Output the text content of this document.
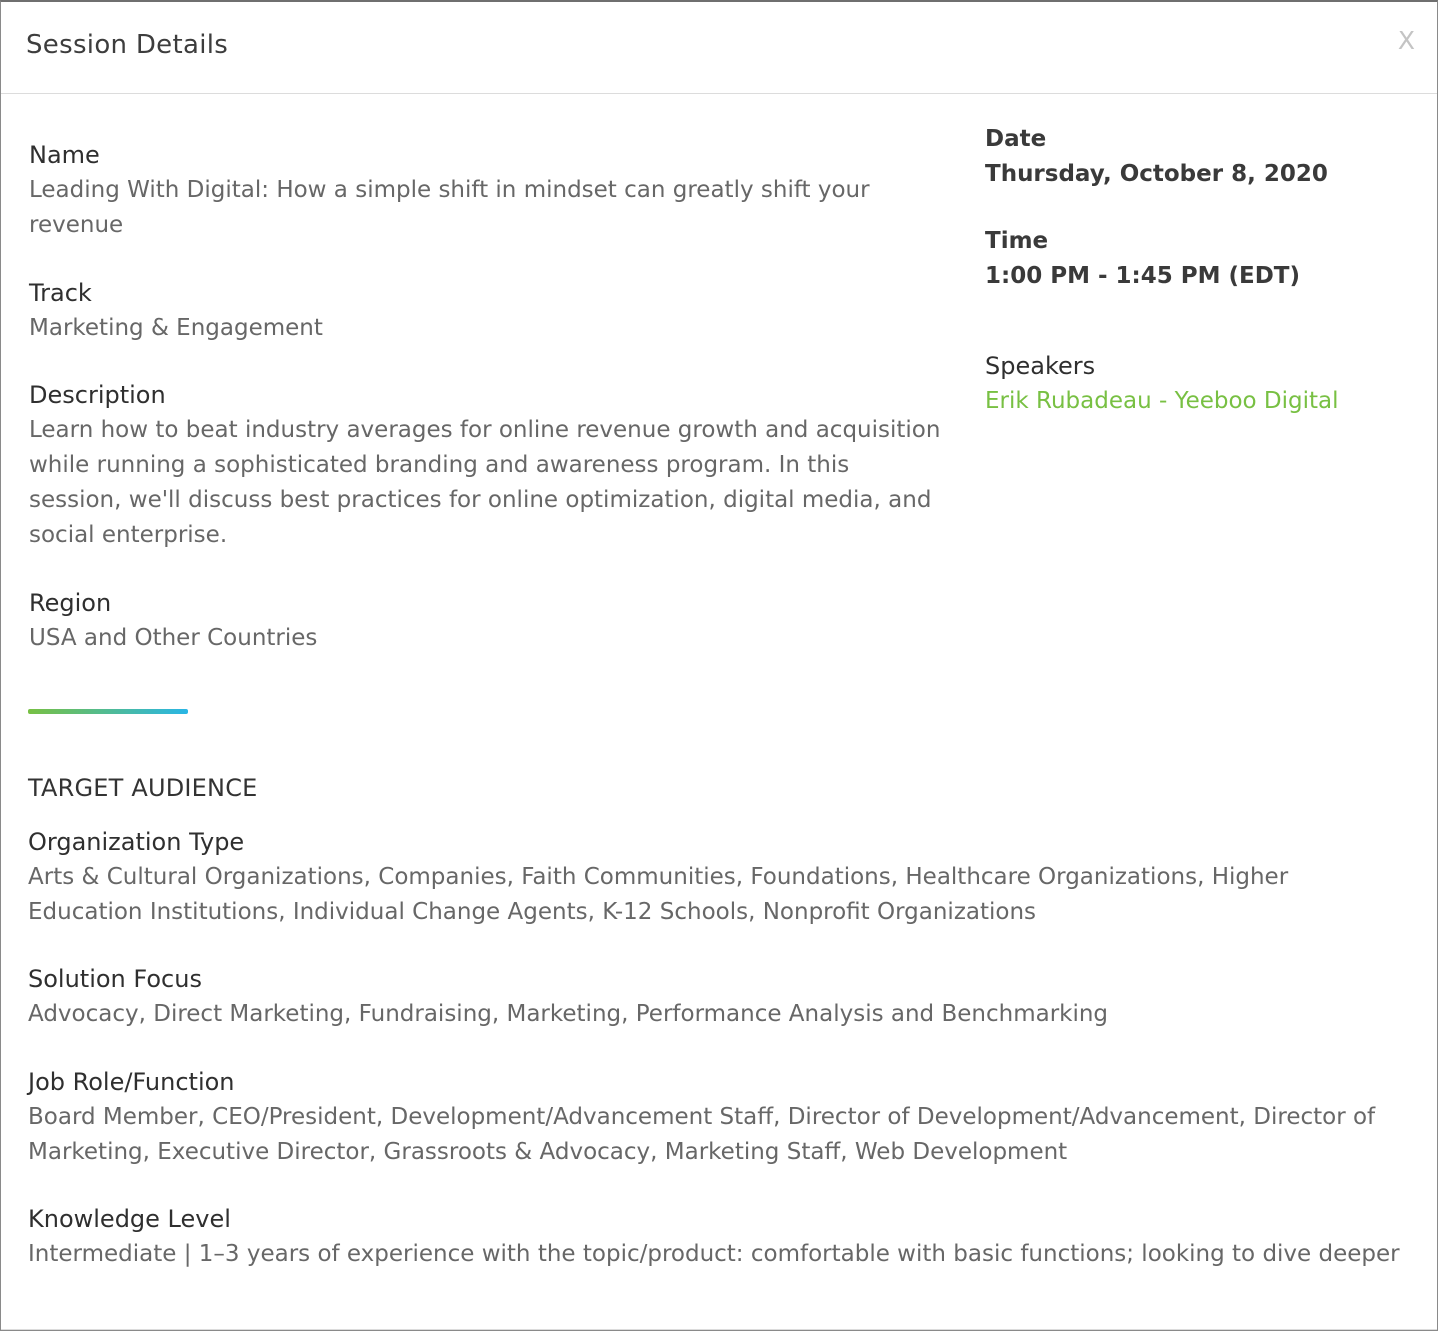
Session Details	X
Name
Leading With Digital: How a simple shift in mindset can greatly shift your revenue
Track
Marketing & Engagement
Description
Learn how to beat industry averages for online revenue growth and acquisition while running a sophisticated branding and awareness program. In this session, we'll discuss best practices for online optimization, digital media, and social enterprise.
Region
USA and Other Countries
Date
Thursday, October 8, 2020
Time
1:00 PM - 1:45 PM (EDT)
Speakers
Erik Rubadeau - Yeeboo Digital
TARGET AUDIENCE
Organization Type
Arts & Cultural Organizations, Companies, Faith Communities, Foundations, Healthcare Organizations, Higher Education Institutions, Individual Change Agents, K-12 Schools, Nonprofit Organizations
Solution Focus
Advocacy, Direct Marketing, Fundraising, Marketing, Performance Analysis and Benchmarking
Job Role/Function
Board Member, CEO/President, Development/Advancement Staff, Director of Development/Advancement, Director of Marketing, Executive Director, Grassroots & Advocacy, Marketing Staff, Web Development
Knowledge Level
Intermediate | 1–3 years of experience with the topic/product: comfortable with basic functions; looking to dive deeper
